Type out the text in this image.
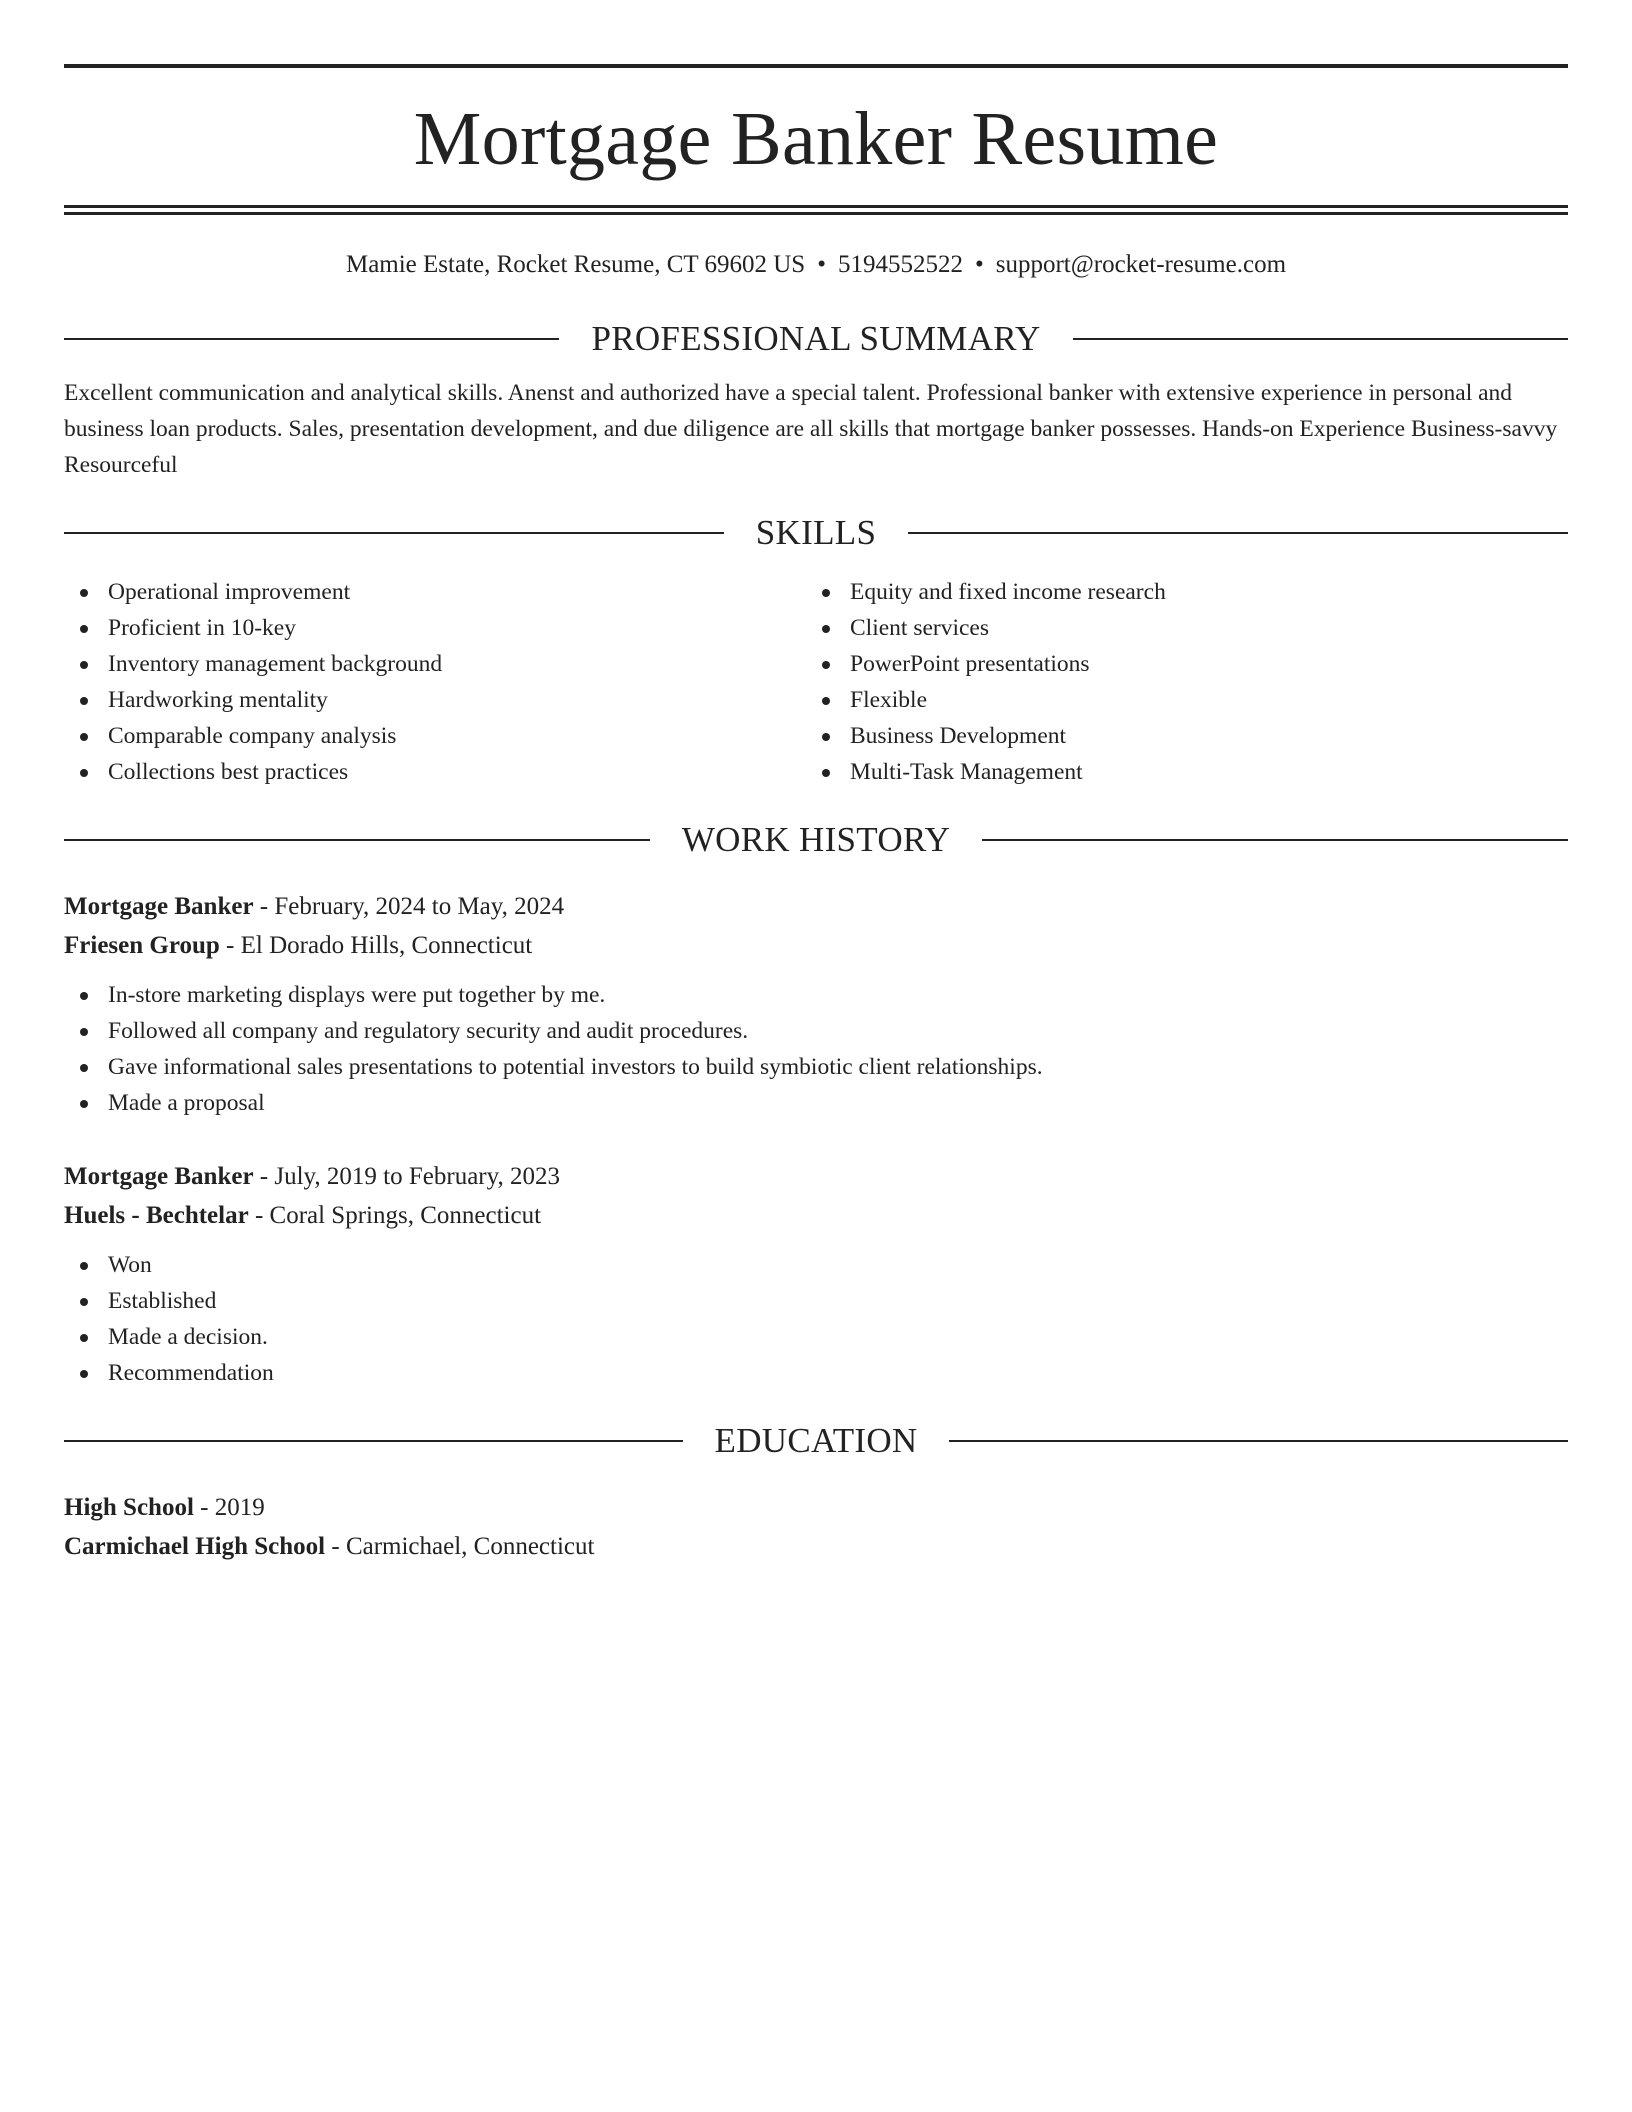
Mortgage Banker Resume
Mamie Estate, Rocket Resume, CT 69602 US • 5194552522 • support@rocket-resume.com
PROFESSIONAL SUMMARY
Excellent communication and analytical skills. Anenst and authorized have a special talent. Professional banker with extensive experience in personal and business loan products. Sales, presentation development, and due diligence are all skills that mortgage banker possesses. Hands-on Experience Business-savvy Resourceful
SKILLS
Operational improvement
Proficient in 10-key
Inventory management background
Hardworking mentality
Comparable company analysis
Collections best practices
Equity and fixed income research
Client services
PowerPoint presentations
Flexible
Business Development
Multi-Task Management
WORK HISTORY
Mortgage Banker - February, 2024 to May, 2024
Friesen Group - El Dorado Hills, Connecticut
In-store marketing displays were put together by me.
Followed all company and regulatory security and audit procedures.
Gave informational sales presentations to potential investors to build symbiotic client relationships.
Made a proposal
Mortgage Banker - July, 2019 to February, 2023
Huels - Bechtelar - Coral Springs, Connecticut
Won
Established
Made a decision.
Recommendation
EDUCATION
High School - 2019
Carmichael High School - Carmichael, Connecticut
